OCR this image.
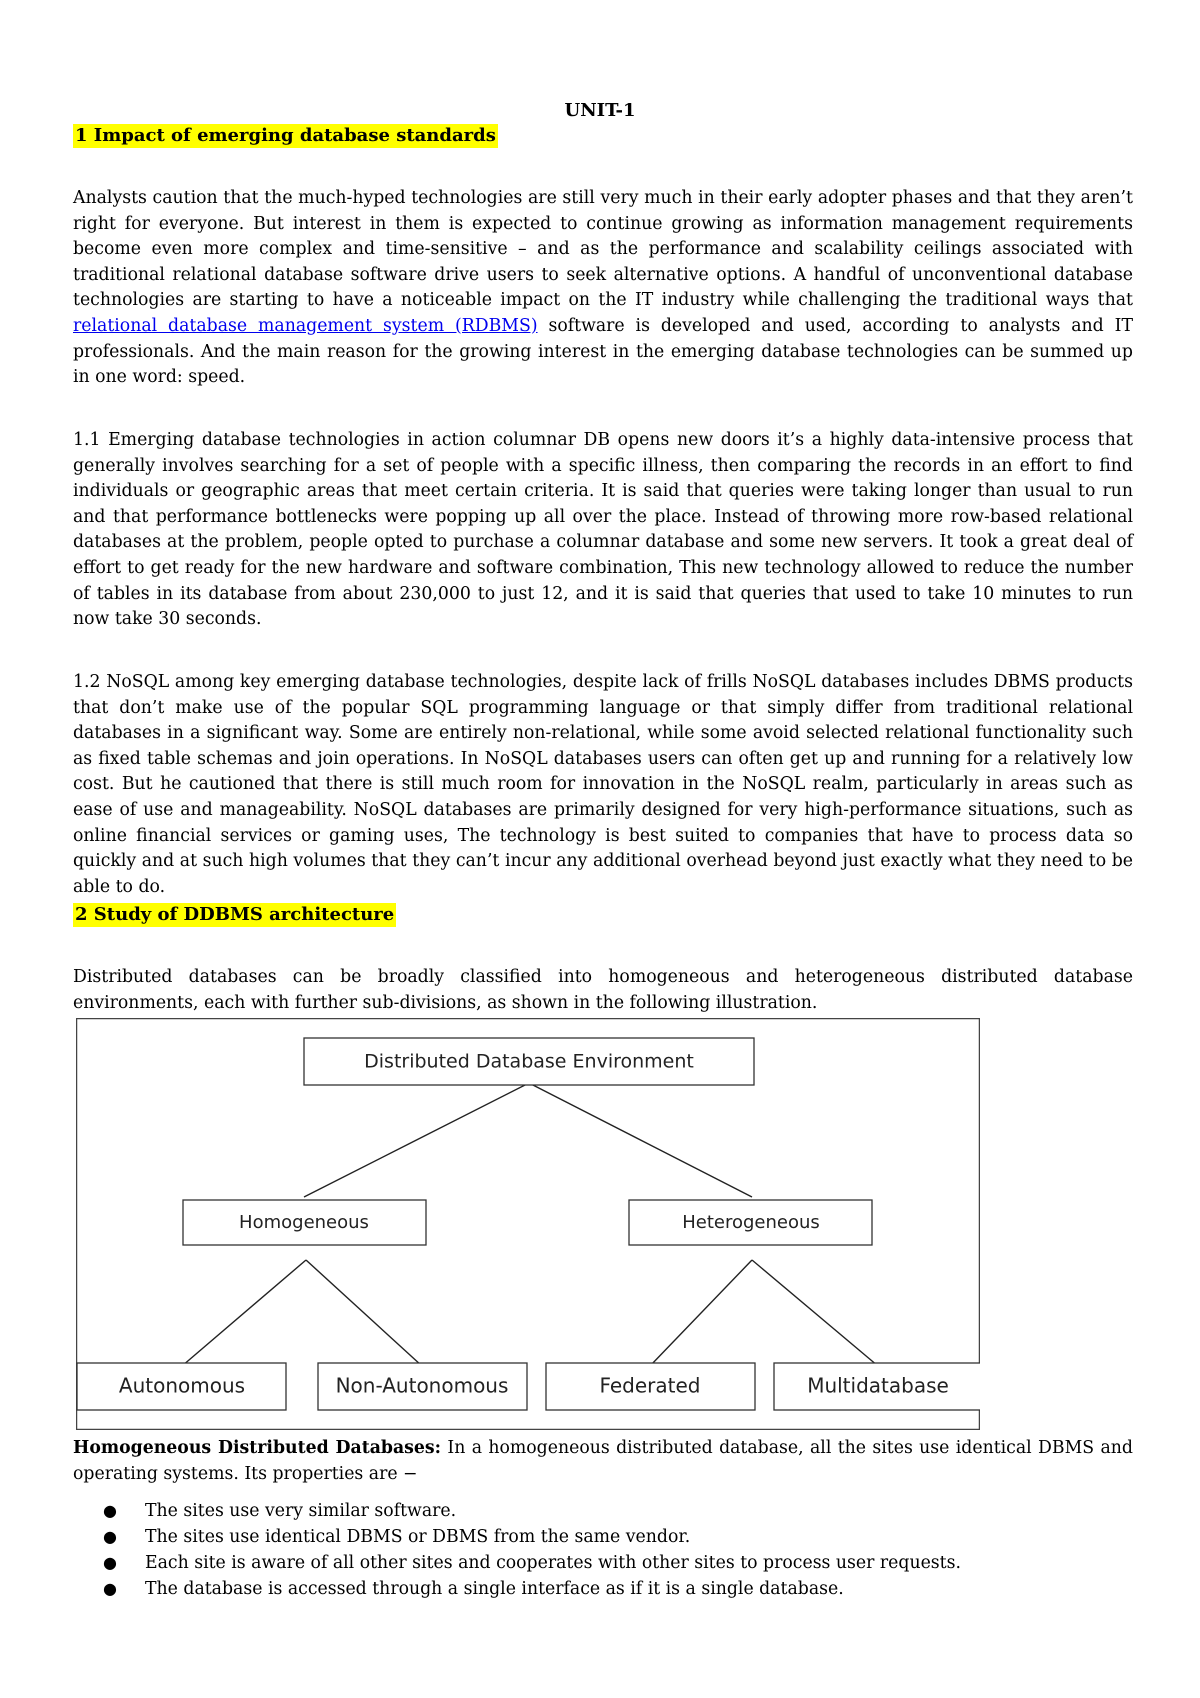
UNIT-1
1 Impact of emerging database standards

Analysts caution that the much-hyped technologies are still very much in their early adopter phases and that they aren’t right for everyone. But interest in them is expected to continue growing as information management requirements become even more complex and time-sensitive – and as the performance and scalability ceilings associated with traditional relational database software drive users to seek alternative options. A handful of unconventional database technologies are starting to have a noticeable impact on the IT industry while challenging the traditional ways that relational database management system (RDBMS) software is developed and used, according to analysts and IT professionals. And the main reason for the growing interest in the emerging database technologies can be summed up in one word: speed.

1.1 Emerging database technologies in action columnar DB opens new doors it’s a highly data-intensive process that generally involves searching for a set of people with a specific illness, then comparing the records in an effort to find individuals or geographic areas that meet certain criteria. It is said that queries were taking longer than usual to run and that performance bottlenecks were popping up all over the place. Instead of throwing more row-based relational databases at the problem, people opted to purchase a columnar database and some new servers. It took a great deal of effort to get ready for the new hardware and software combination, This new technology allowed to reduce the number of tables in its database from about 230,000 to just 12, and it is said that queries that used to take 10 minutes to run now take 30 seconds.

1.2 NoSQL among key emerging database technologies, despite lack of frills NoSQL databases includes DBMS products that don’t make use of the popular SQL programming language or that simply differ from traditional relational databases in a significant way. Some are entirely non-relational, while some avoid selected relational functionality such as fixed table schemas and join operations. In NoSQL databases users can often get up and running for a relatively low cost. But he cautioned that there is still much room for innovation in the NoSQL realm, particularly in areas such as ease of use and manageability. NoSQL databases are primarily designed for very high-performance situations, such as online financial services or gaming uses, The technology is best suited to companies that have to process data so quickly and at such high volumes that they can’t incur any additional overhead beyond just exactly what they need to be able to do.

2 Study of DDBMS architecture

Distributed databases can be broadly classified into homogeneous and heterogeneous distributed database environments, each with further sub-divisions, as shown in the following illustration.

Distributed Database Environment
Homogeneous	Heterogeneous
Autonomous	Non-Autonomous	Federated	Multidatabase

Homogeneous Distributed Databases: In a homogeneous distributed database, all the sites use identical DBMS and operating systems. Its properties are −

● The sites use very similar software.
● The sites use identical DBMS or DBMS from the same vendor.
● Each site is aware of all other sites and cooperates with other sites to process user requests.
● The database is accessed through a single interface as if it is a single database.
